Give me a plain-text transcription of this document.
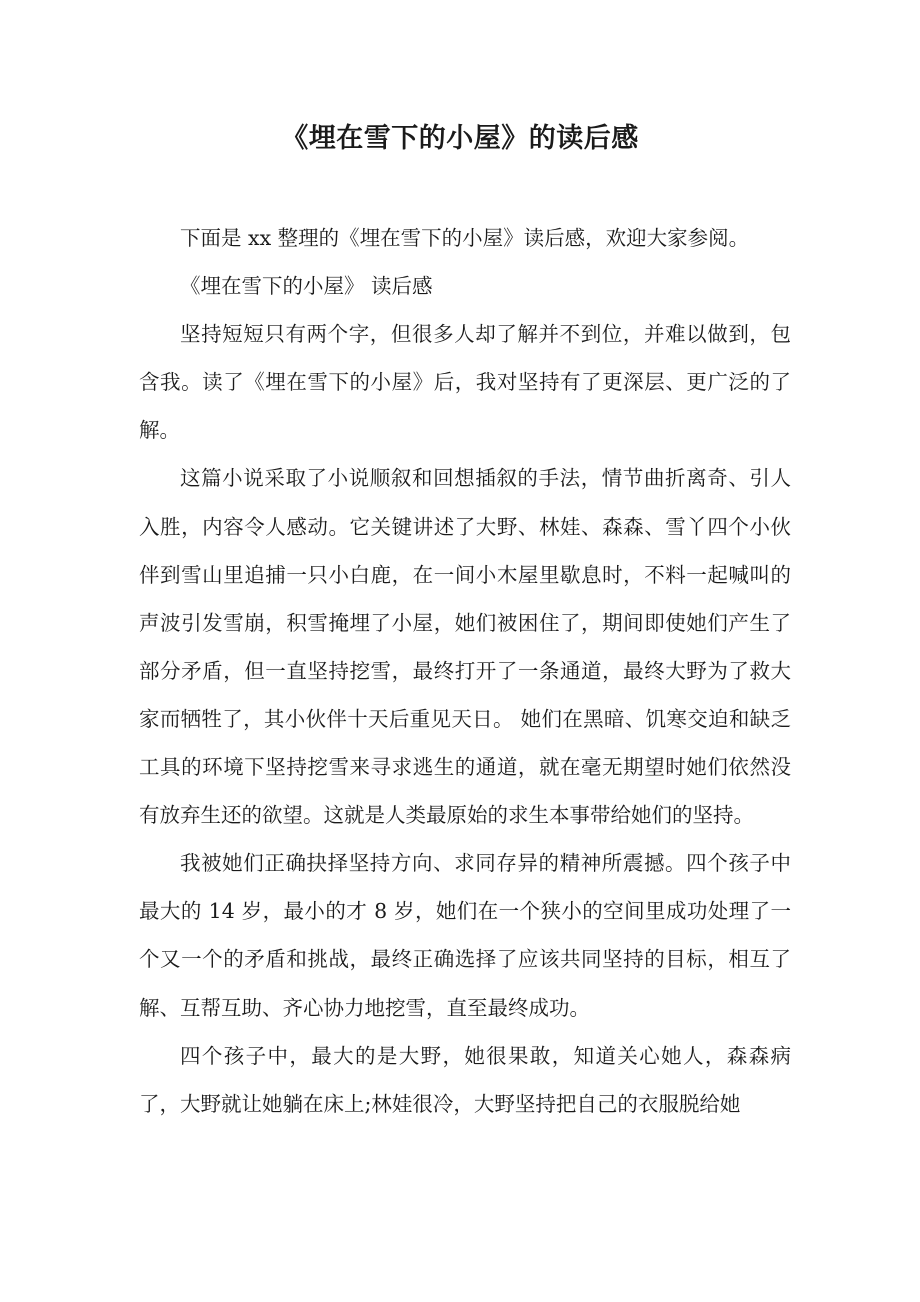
《埋在雪下的小屋》的读后感

下面是 xx 整理的《埋在雪下的小屋》读后感，欢迎大家参阅。

《埋在雪下的小屋》 读后感

坚持短短只有两个字，但很多人却了解并不到位，并难以做到，包含我。读了《埋在雪下的小屋》后，我对坚持有了更深层、更广泛的了解。

这篇小说采取了小说顺叙和回想插叙的手法，情节曲折离奇、引人入胜，内容令人感动。它关键讲述了大野、林娃、森森、雪丫四个小伙伴到雪山里追捕一只小白鹿，在一间小木屋里歇息时，不料一起喊叫的声波引发雪崩，积雪掩埋了小屋，她们被困住了，期间即使她们产生了部分矛盾，但一直坚持挖雪，最终打开了一条通道，最终大野为了救大家而牺牲了，其小伙伴十天后重见天日。 她们在黑暗、饥寒交迫和缺乏工具的环境下坚持挖雪来寻求逃生的通道，就在毫无期望时她们依然没有放弃生还的欲望。这就是人类最原始的求生本事带给她们的坚持。

我被她们正确抉择坚持方向、求同存异的精神所震撼。四个孩子中最大的 14 岁，最小的才 8 岁，她们在一个狭小的空间里成功处理了一个又一个的矛盾和挑战，最终正确选择了应该共同坚持的目标，相互了解、互帮互助、齐心协力地挖雪，直至最终成功。

四个孩子中，最大的是大野，她很果敢，知道关心她人，森森病了，大野就让她躺在床上;林娃很冷，大野坚持把自己的衣服脱给她
